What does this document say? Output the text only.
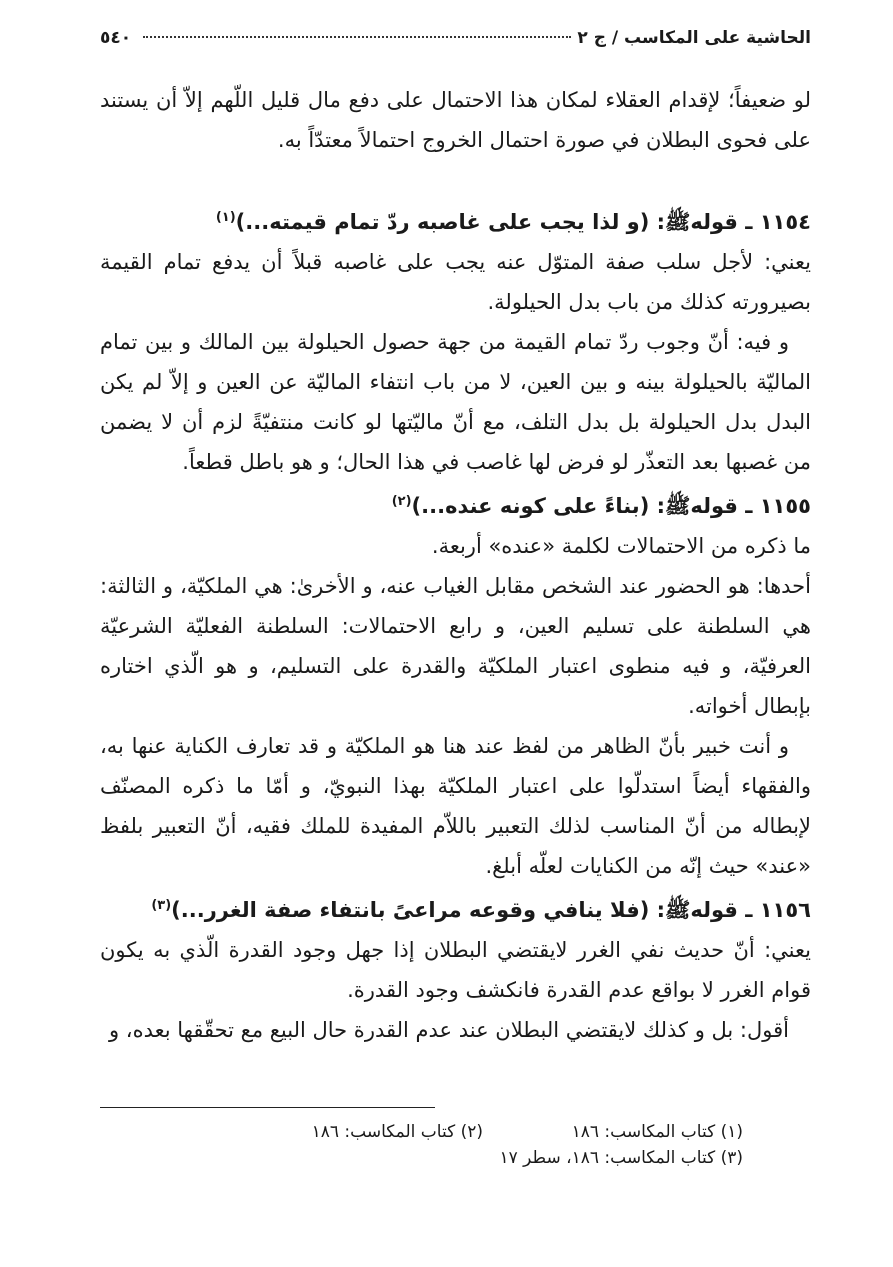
٥٤٠	الحاشية على المكاسب / ج ٢

لو ضعيفاً؛ لإقدام العقلاء لمكان هذا الاحتمال على دفع مال قليل اللّهم إلاّ أن يستند على فحوى البطلان في صورة احتمال الخروج احتمالاً معتدّاً به.

١١٥٤ ـ قوله‌ﷺ: (و لذا يجب على غاصبه ردّ تمام قيمته...)$^{(١)}$

يعني: لأجل سلب صفة المتوّل عنه يجب على غاصبه قبلاً أن يدفع تمام القيمة بصيرورته كذلك من باب بدل الحيلولة.

و فيه: أنّ وجوب ردّ تمام القيمة من جهة حصول الحيلولة بين المالك و بين تمام الماليّة بالحيلولة بينه و بين العين، لا من باب انتفاء الماليّة عن العين و إلاّ لم يكن البدل بدل الحيلولة بل بدل التلف، مع أنّ ماليّتها لو كانت منتفيّةً لزم أن لا يضمن من غصبها بعد التعذّر لو فرض لها غاصب في هذا الحال؛ و هو باطل قطعاً.

١١٥٥ ـ قوله‌ﷺ: (بناءً على كونه عنده...)$^{(٢)}$

ما ذكره من الاحتمالات لكلمة «عنده» أربعة.

أحدها: هو الحضور عند الشخص مقابل الغياب عنه، و الأخرىٰ: هي الملكيّة، و الثالثة: هي السلطنة على تسليم العين، و رابع الاحتمالات: السلطنة الفعليّة الشرعيّة العرفيّة، و فيه منطوى اعتبار الملكيّة والقدرة على التسليم، و هو الّذي اختاره بإبطال أخواته.

و أنت خبير بأنّ الظاهر من لفظ عند هنا هو الملكيّة و قد تعارف الكناية عنها به، والفقهاء أيضاً استدلّوا على اعتبار الملكيّة بهذا النبويّ، و أمّا ما ذكره المصنّف لإبطاله من أنّ المناسب لذلك التعبير باللاّم المفيدة للملك فقيه، أنّ التعبير بلفظ «عند» حيث إنّه من الكنايات لعلّه أبلغ.

١١٥٦ ـ قوله‌ﷺ: (فلا ينافي وقوعه مراعىً بانتفاء صفة الغرر...)$^{(٣)}$

يعني: أنّ حديث نفي الغرر لايقتضي البطلان إذا جهل وجود القدرة الّذي به يكون قوام الغرر لا بواقع عدم القدرة فانكشف وجود القدرة.

أقول: بل و كذلك لايقتضي البطلان عند عدم القدرة حال البيع مع تحقّقها بعده، و

(١) كتاب المكاسب: ١٨٦
(٢) كتاب المكاسب: ١٨٦
(٣) كتاب المكاسب: ١٨٦، سطر ١٧
